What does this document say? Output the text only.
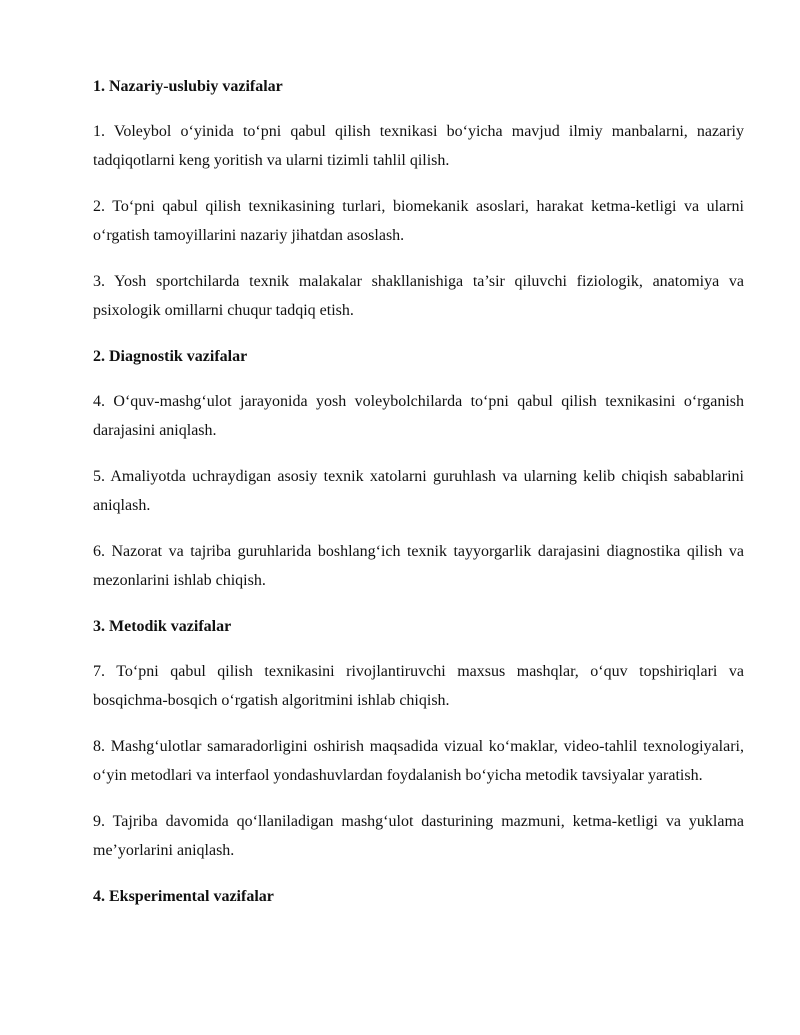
1. Nazariy-uslubiy vazifalar

1. Voleybol o‘yinida to‘pni qabul qilish texnikasi bo‘yicha mavjud ilmiy manbalarni, nazariy tadqiqotlarni keng yoritish va ularni tizimli tahlil qilish.

2. To‘pni qabul qilish texnikasining turlari, biomekanik asoslari, harakat ketma-ketligi va ularni o‘rgatish tamoyillarini nazariy jihatdan asoslash.

3. Yosh sportchilarda texnik malakalar shakllanishiga ta’sir qiluvchi fiziologik, anatomiya va psixologik omillarni chuqur tadqiq etish.

2. Diagnostik vazifalar

4. O‘quv-mashg‘ulot jarayonida yosh voleybolchilarda to‘pni qabul qilish texnikasini o‘rganish darajasini aniqlash.

5. Amaliyotda uchraydigan asosiy texnik xatolarni guruhlash va ularning kelib chiqish sabablarini aniqlash.

6. Nazorat va tajriba guruhlarida boshlang‘ich texnik tayyorgarlik darajasini diagnostika qilish va mezonlarini ishlab chiqish.

3. Metodik vazifalar

7. To‘pni qabul qilish texnikasini rivojlantiruvchi maxsus mashqlar, o‘quv topshiriqlari va bosqichma-bosqich o‘rgatish algoritmini ishlab chiqish.

8. Mashg‘ulotlar samaradorligini oshirish maqsadida vizual ko‘maklar, video-tahlil texnologiyalari, o‘yin metodlari va interfaol yondashuvlardan foydalanish bo‘yicha metodik tavsiyalar yaratish.

9. Tajriba davomida qo‘llaniladigan mashg‘ulot dasturining mazmuni, ketma-ketligi va yuklama me’yorlarini aniqlash.

4. Eksperimental vazifalar
